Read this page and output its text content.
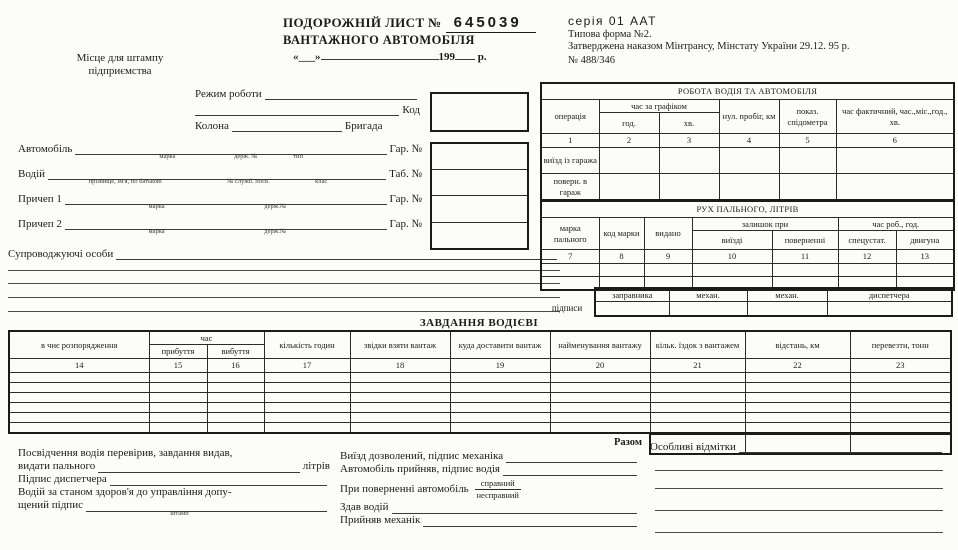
Місце для штампу
підприємства
ПОДОРОЖНІЙ ЛИСТ № 645039
ВАНТАЖНОГО АВТОМОБІЛЯ
«___»	199 р.
серія 01 ААТ
Типова форма №2.
Затверджена наказом Мінтрансу, Мінстату України 29.12. 95 р.
№ 488/346
Режим роботи
Код
Колона	Бригада
Автомобіль
марка	держ. №	тип
Гар. №
Водій
прізвище, ім'я, по батькові	№ служб. посв.	клас
Таб. №
Причеп 1
марка	держ.№
Гар. №
Причеп 2
марка	держ.№
Гар. №
Супроводжуючі особи
РОБОТА ВОДІЯ ТА АВТОМОБІЛЯ					
операція	час за графіком		нул. пробіг, км	показ. спідометра	час фактичний, час.,міс.,год., хв.
	год.	хв.			
1	2	3	4	5	6
виїзд із гаража					
поверн. в гараж					
РУХ ПАЛЬНОГО, ЛІТРІВ						
марка пального	код марки	видано	залишок при		час роб., год.	
			виїзді	поверненні	спецустат.	двигуна
7	8	9	10	11	12	13

підписи
заправника	механ.	механ.	диспетчера

ЗАВДАННЯ ВОДІЄВІ
в чиє розпорядження	час		кількість годин	звідки взяти вантаж	куда доставити вантаж	найменування вантажу	кільк. їздок з вантажем	відстань, км	перевезти, тонн
	прибуття	вибуття							
14	15	16	17	18	19	20	21	22	23

Разом

Посвідчення водія перевірив, завдання видав,
видати пального	літрів
Підпис диспетчера
Водій за станом здоров'я до управління допу-
щений підпис
штамп
Виїзд дозволений, підпис механіка
Автомобіль прийняв, підпис водія
При поверненні автомобіль	справний
несправний
Здав водій
Прийняв механік
Особливі відмітки
